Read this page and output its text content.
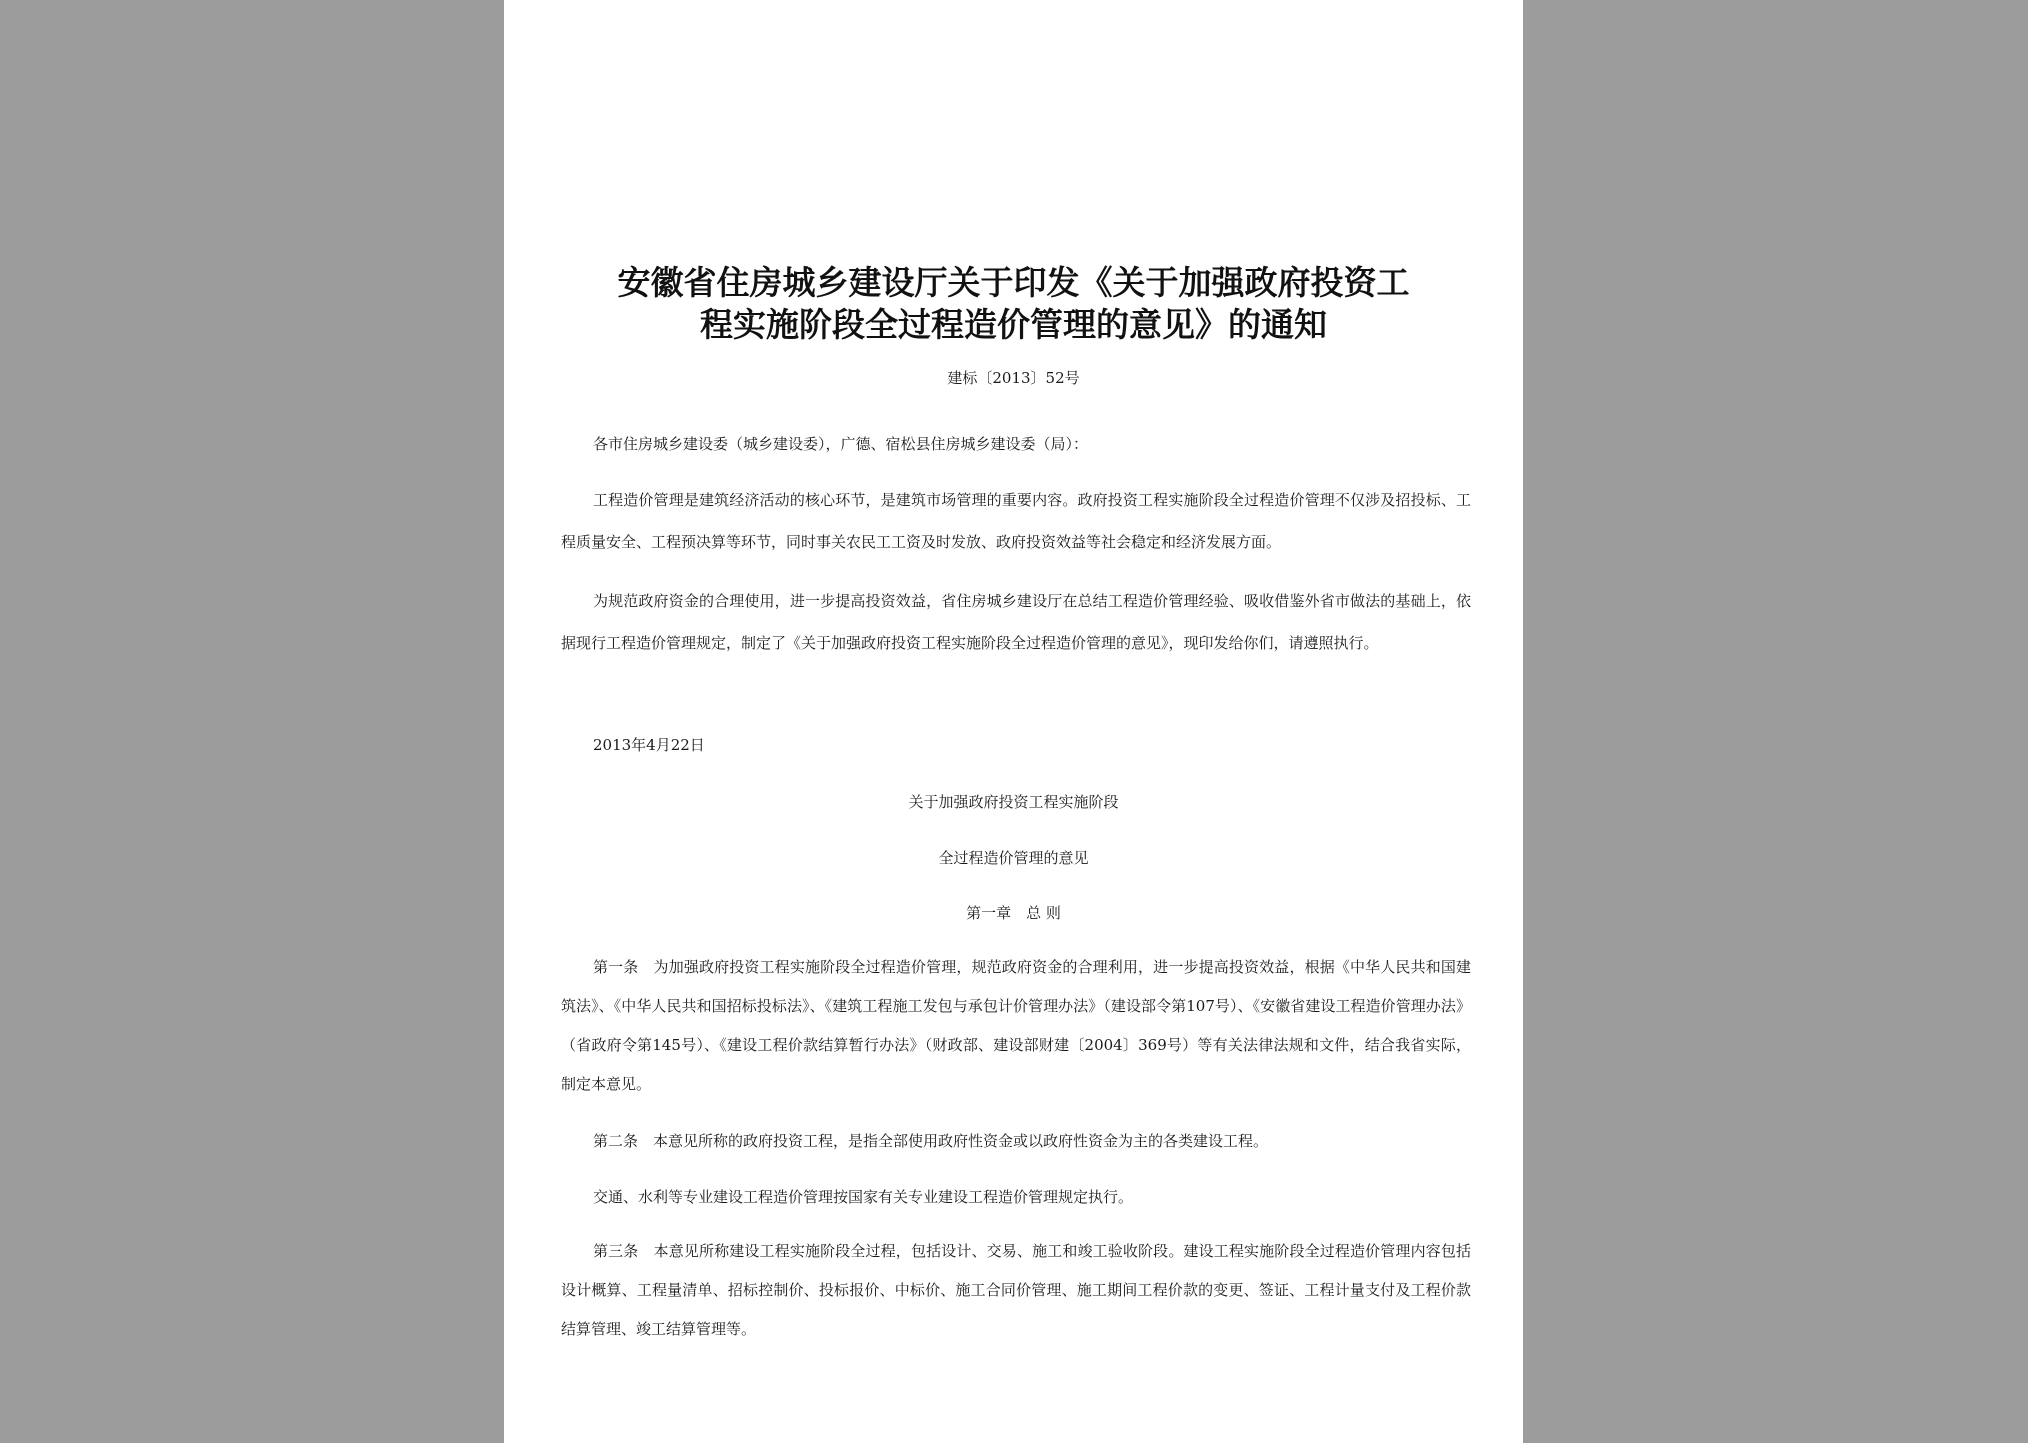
安徽省住房城乡建设厅关于印发《关于加强政府投资工
程实施阶段全过程造价管理的意见》的通知
建标〔2013〕52号

各市住房城乡建设委（城乡建设委），广德、宿松县住房城乡建设委（局）：

工程造价管理是建筑经济活动的核心环节，是建筑市场管理的重要内容。政府投资工程实施阶段全过程造价管理不仅涉及招投标、工程质量安全、工程预决算等环节，同时事关农民工工资及时发放、政府投资效益等社会稳定和经济发展方面。

为规范政府资金的合理使用，进一步提高投资效益，省住房城乡建设厅在总结工程造价管理经验、吸收借鉴外省市做法的基础上，依据现行工程造价管理规定，制定了《关于加强政府投资工程实施阶段全过程造价管理的意见》，现印发给你们，请遵照执行。

2013年4月22日

关于加强政府投资工程实施阶段
全过程造价管理的意见
第一章　总 则

第一条　为加强政府投资工程实施阶段全过程造价管理，规范政府资金的合理利用，进一步提高投资效益，根据《中华人民共和国建筑法》、《中华人民共和国招标投标法》、《建筑工程施工发包与承包计价管理办法》（建设部令第107号）、《安徽省建设工程造价管理办法》（省政府令第145号）、《建设工程价款结算暂行办法》（财政部、建设部财建〔2004〕369号）等有关法律法规和文件，结合我省实际，制定本意见。

第二条　本意见所称的政府投资工程，是指全部使用政府性资金或以政府性资金为主的各类建设工程。

交通、水利等专业建设工程造价管理按国家有关专业建设工程造价管理规定执行。

第三条　本意见所称建设工程实施阶段全过程，包括设计、交易、施工和竣工验收阶段。建设工程实施阶段全过程造价管理内容包括设计概算、工程量清单、招标控制价、投标报价、中标价、施工合同价管理、施工期间工程价款的变更、签证、工程计量支付及工程价款结算管理、竣工结算管理等。
